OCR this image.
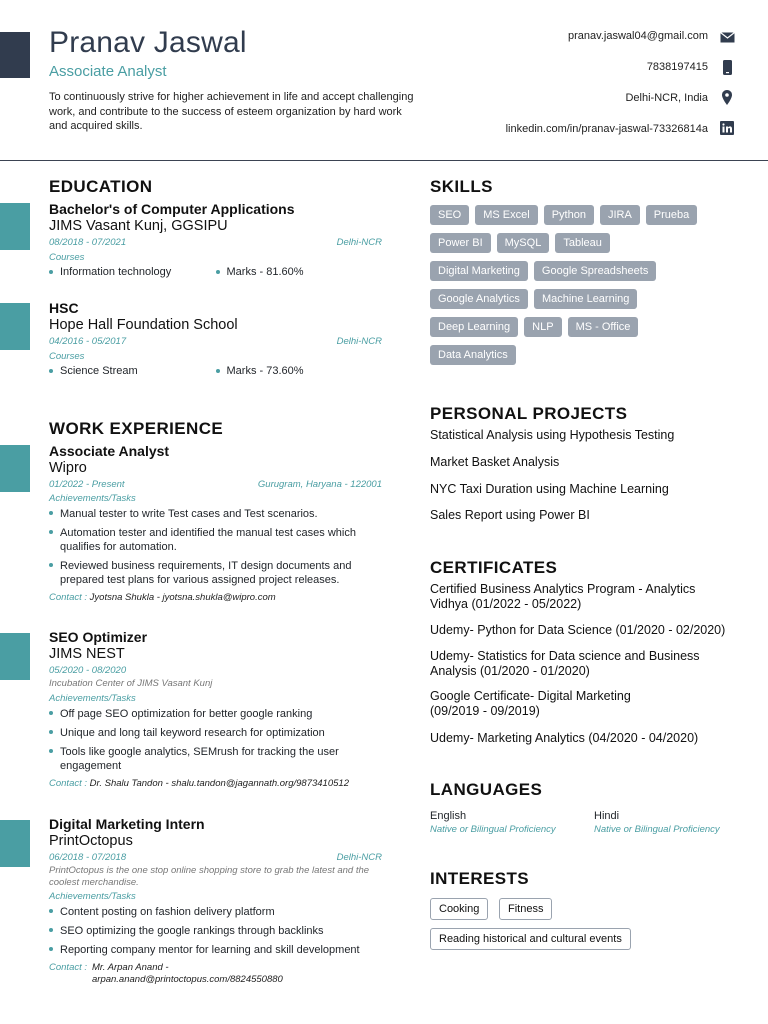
Pranav Jaswal
Associate Analyst
To continuously strive for higher achievement in life and accept challenging work, and contribute to the success of esteem organization by hard work and acquired skills.
pranav.jaswal04@gmail.com
7838197415
Delhi-NCR, India
linkedin.com/in/pranav-jaswal-73326814a
EDUCATION
Bachelor's of Computer Applications
JIMS Vasant Kunj, GGSIPU
08/2018 - 07/2021	Delhi-NCR
Courses
Information technology	Marks - 81.60%
HSC
Hope Hall Foundation School
04/2016 - 05/2017	Delhi-NCR
Courses
Science Stream	Marks - 73.60%
WORK EXPERIENCE
Associate Analyst
Wipro
01/2022 - Present	Gurugram, Haryana - 122001
Achievements/Tasks
Manual tester to write Test cases and Test scenarios.
Automation tester and identified the manual test cases which qualifies for automation.
Reviewed business requirements, IT design documents and prepared test plans for various assigned project releases.
Contact : Jyotsna Shukla - jyotsna.shukla@wipro.com
SEO Optimizer
JIMS NEST
05/2020 - 08/2020
Incubation Center of JIMS Vasant Kunj
Achievements/Tasks
Off page SEO optimization for better google ranking
Unique and long tail keyword research for optimization
Tools like google analytics, SEMrush for tracking the user engagement
Contact : Dr. Shalu Tandon - shalu.tandon@jagannath.org/9873410512
Digital Marketing Intern
PrintOctopus
06/2018 - 07/2018	Delhi-NCR
PrintOctopus is the one stop online shopping store to grab the latest and the coolest merchandise.
Achievements/Tasks
Content posting on fashion delivery platform
SEO optimizing the google rankings through backlinks
Reporting company mentor for learning and skill development
Contact : Mr. Arpan Anand -
arpan.anand@printoctopus.com/8824550880
SKILLS
SEO	MS Excel	Python	JIRA	Prueba
Power BI	MySQL	Tableau
Digital Marketing	Google Spreadsheets
Google Analytics	Machine Learning
Deep Learning	NLP	MS - Office
Data Analytics
PERSONAL PROJECTS
Statistical Analysis using Hypothesis Testing
Market Basket Analysis
NYC Taxi Duration using Machine Learning
Sales Report using Power BI
CERTIFICATES
Certified Business Analytics Program - Analytics Vidhya (01/2022 - 05/2022)
Udemy- Python for Data Science (01/2020 - 02/2020)
Udemy- Statistics for Data science and Business Analysis (01/2020 - 01/2020)
Google Certificate- Digital Marketing (09/2019 - 09/2019)
Udemy- Marketing Analytics (04/2020 - 04/2020)
LANGUAGES
English
Native or Bilingual Proficiency
Hindi
Native or Bilingual Proficiency
INTERESTS
Cooking	Fitness
Reading historical and cultural events
